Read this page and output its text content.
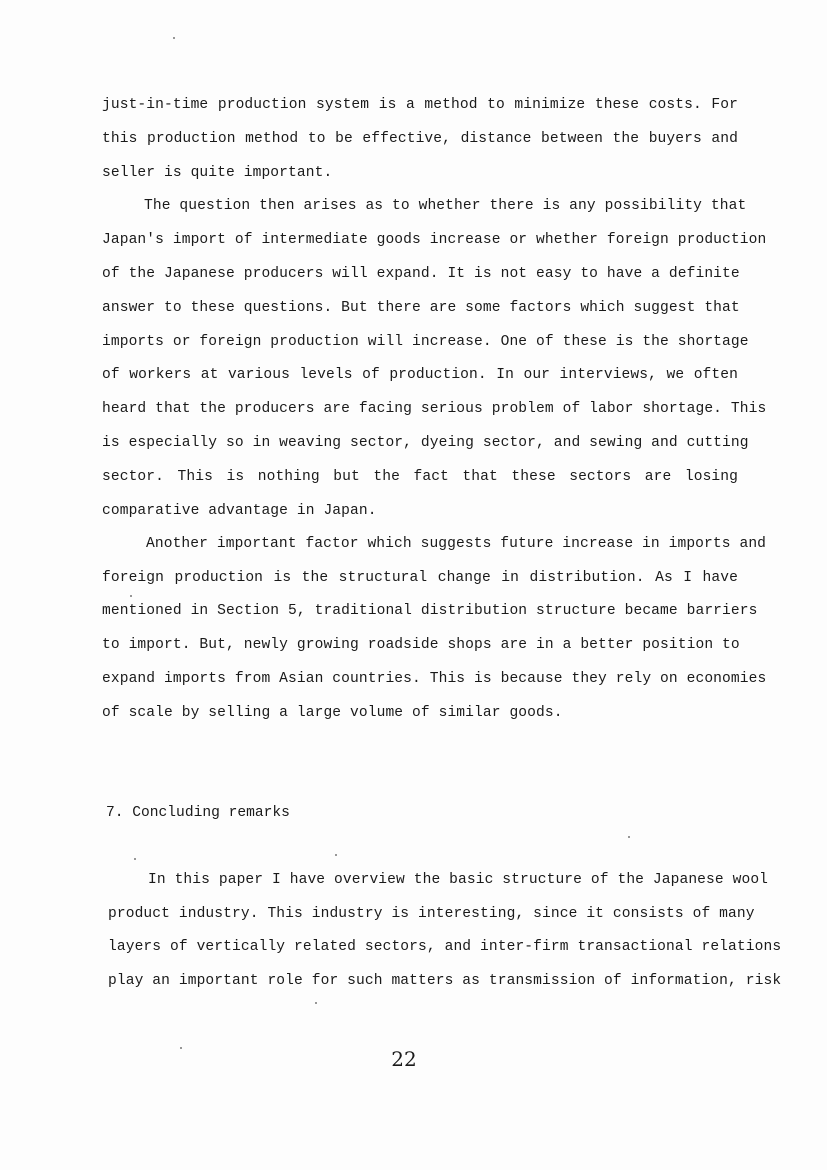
just-in-time production system is a method to minimize these costs. For
this production method to be effective, distance between the buyers and
seller is quite important.
The question then arises as to whether there is any possibility that
Japan's import of intermediate goods increase or whether foreign production
of the Japanese producers will expand. It is not easy to have a definite
answer to these questions. But there are some factors which suggest that
imports or foreign production will increase. One of these is the shortage
of workers at various levels of production. In our interviews, we often
heard that the producers are facing serious problem of labor shortage. This
is especially so in weaving sector, dyeing sector, and sewing and cutting
sector. This is nothing but the fact that these sectors are losing
comparative advantage in Japan.
Another important factor which suggests future increase in imports and
foreign production is the structural change in distribution. As I have
mentioned in Section 5, traditional distribution structure became barriers
to import. But, newly growing roadside shops are in a better position to
expand imports from Asian countries. This is because they rely on economies
of scale by selling a large volume of similar goods.
7. Concluding remarks
In this paper I have overview the basic structure of the Japanese wool
product industry. This industry is interesting, since it consists of many
layers of vertically related sectors, and inter-firm transactional relations
play an important role for such matters as transmission of information, risk
22
